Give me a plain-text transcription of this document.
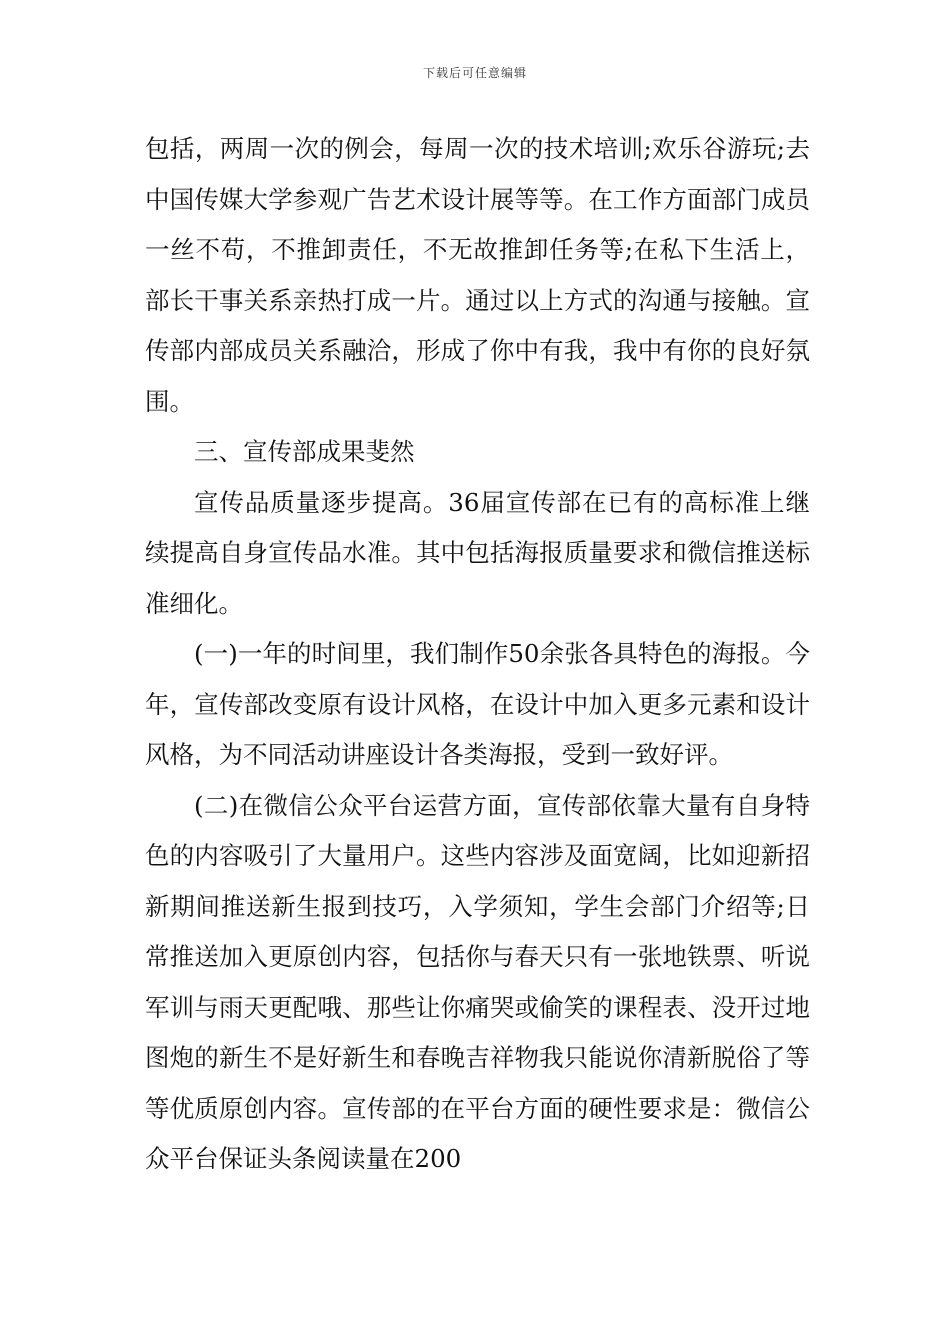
下载后可任意编辑

包括，两周一次的例会，每周一次的技术培训;欢乐谷游玩;去中国传媒大学参观广告艺术设计展等等。在工作方面部门成员一丝不苟，不推卸责任，不无故推卸任务等;在私下生活上，部长干事关系亲热打成一片。通过以上方式的沟通与接触。宣传部内部成员关系融洽，形成了你中有我，我中有你的良好氛围。

三、宣传部成果斐然

宣传品质量逐步提高。36届宣传部在已有的高标准上继续提高自身宣传品水准。其中包括海报质量要求和微信推送标准细化。

(一)一年的时间里，我们制作50余张各具特色的海报。今年，宣传部改变原有设计风格，在设计中加入更多元素和设计风格，为不同活动讲座设计各类海报，受到一致好评。

(二)在微信公众平台运营方面，宣传部依靠大量有自身特色的内容吸引了大量用户。这些内容涉及面宽阔，比如迎新招新期间推送新生报到技巧，入学须知，学生会部门介绍等;日常推送加入更原创内容，包括你与春天只有一张地铁票、听说军训与雨天更配哦、那些让你痛哭或偷笑的课程表、没开过地图炮的新生不是好新生和春晚吉祥物我只能说你清新脱俗了等等优质原创内容。宣传部的在平台方面的硬性要求是：微信公众平台保证头条阅读量在200
